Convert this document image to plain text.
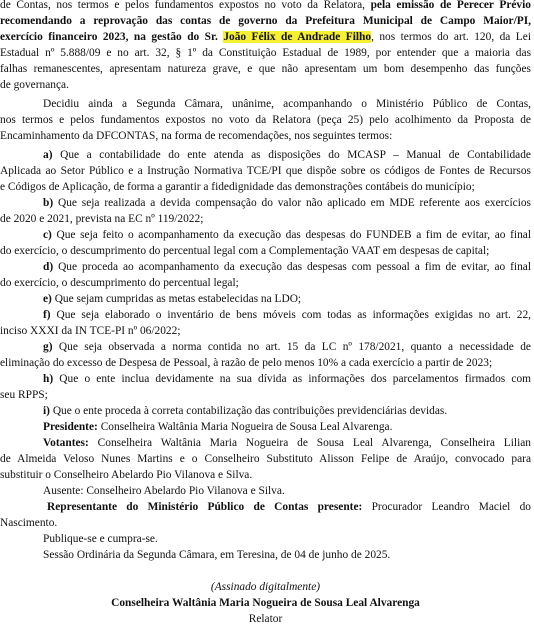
de Contas, nos termos e pelos fundamentos expostos no voto da Relatora, pela emissão de Perecer Prévio

recomendando a reprovação das contas de governo da Prefeitura Municipal de Campo Maior/PI,

exercício financeiro 2023, na gestão do Sr. João Félix de Andrade Filho, nos termos do art. 120, da Lei

Estadual nº 5.888/09 e no art. 32, § 1º da Constituição Estadual de 1989, por entender que a maioria das

falhas remanescentes, apresentam natureza grave, e que não apresentam um bom desempenho das funções

de governança.

Decidiu ainda a Segunda Câmara, unânime, acompanhando o Ministério Público de Contas,

nos termos e pelos fundamentos expostos no voto da Relatora (peça 25) pelo acolhimento da Proposta de

Encaminhamento da DFCONTAS, na forma de recomendações, nos seguintes termos:

a) Que a contabilidade do ente atenda as disposições do MCASP – Manual de Contabilidade

Aplicada ao Setor Público e a Instrução Normativa TCE/PI que dispõe sobre os códigos de Fontes de Recursos

e Códigos de Aplicação, de forma a garantir a fidedignidade das demonstrações contábeis do município;

b) Que seja realizada a devida compensação do valor não aplicado em MDE referente aos exercícios

de 2020 e 2021, prevista na EC nº 119/2022;

c) Que seja feito o acompanhamento da execução das despesas do FUNDEB a fim de evitar, ao final

do exercício, o descumprimento do percentual legal com a Complementação VAAT em despesas de capital;

d) Que proceda ao acompanhamento da execução das despesas com pessoal a fim de evitar, ao final

do exercício, o descumprimento do percentual legal;

e) Que sejam cumpridas as metas estabelecidas na LDO;

f) Que seja elaborado o inventário de bens móveis com todas as informações exigidas no art. 22,

inciso XXXI da IN TCE-PI nº 06/2022;

g) Que seja observada a norma contida no art. 15 da LC nº 178/2021, quanto a necessidade de

eliminação do excesso de Despesa de Pessoal, à razão de pelo menos 10% a cada exercício a partir de 2023;

h) Que o ente inclua devidamente na sua dívida as informações dos parcelamentos firmados com

seu RPPS;

i) Que o ente proceda à correta contabilização das contribuições previdenciárias devidas.

Presidente: Conselheira Waltânia Maria Nogueira de Sousa Leal Alvarenga.

Votantes: Conselheira Waltânia Maria Nogueira de Sousa Leal Alvarenga, Conselheira Lilian

de Almeida Veloso Nunes Martins e o Conselheiro Substituto Alisson Felipe de Araújo, convocado para

substituir o Conselheiro Abelardo Pio Vilanova e Silva.

Ausente: Conselheiro Abelardo Pio Vilanova e Silva.

Representante do Ministério Público de Contas presente: Procurador Leandro Maciel do

Nascimento.

Publique-se e cumpra-se.

Sessão Ordinária da Segunda Câmara, em Teresina, de 04 de junho de 2025.

(Assinado digitalmente)

Conselheira Waltânia Maria Nogueira de Sousa Leal Alvarenga

Relator
